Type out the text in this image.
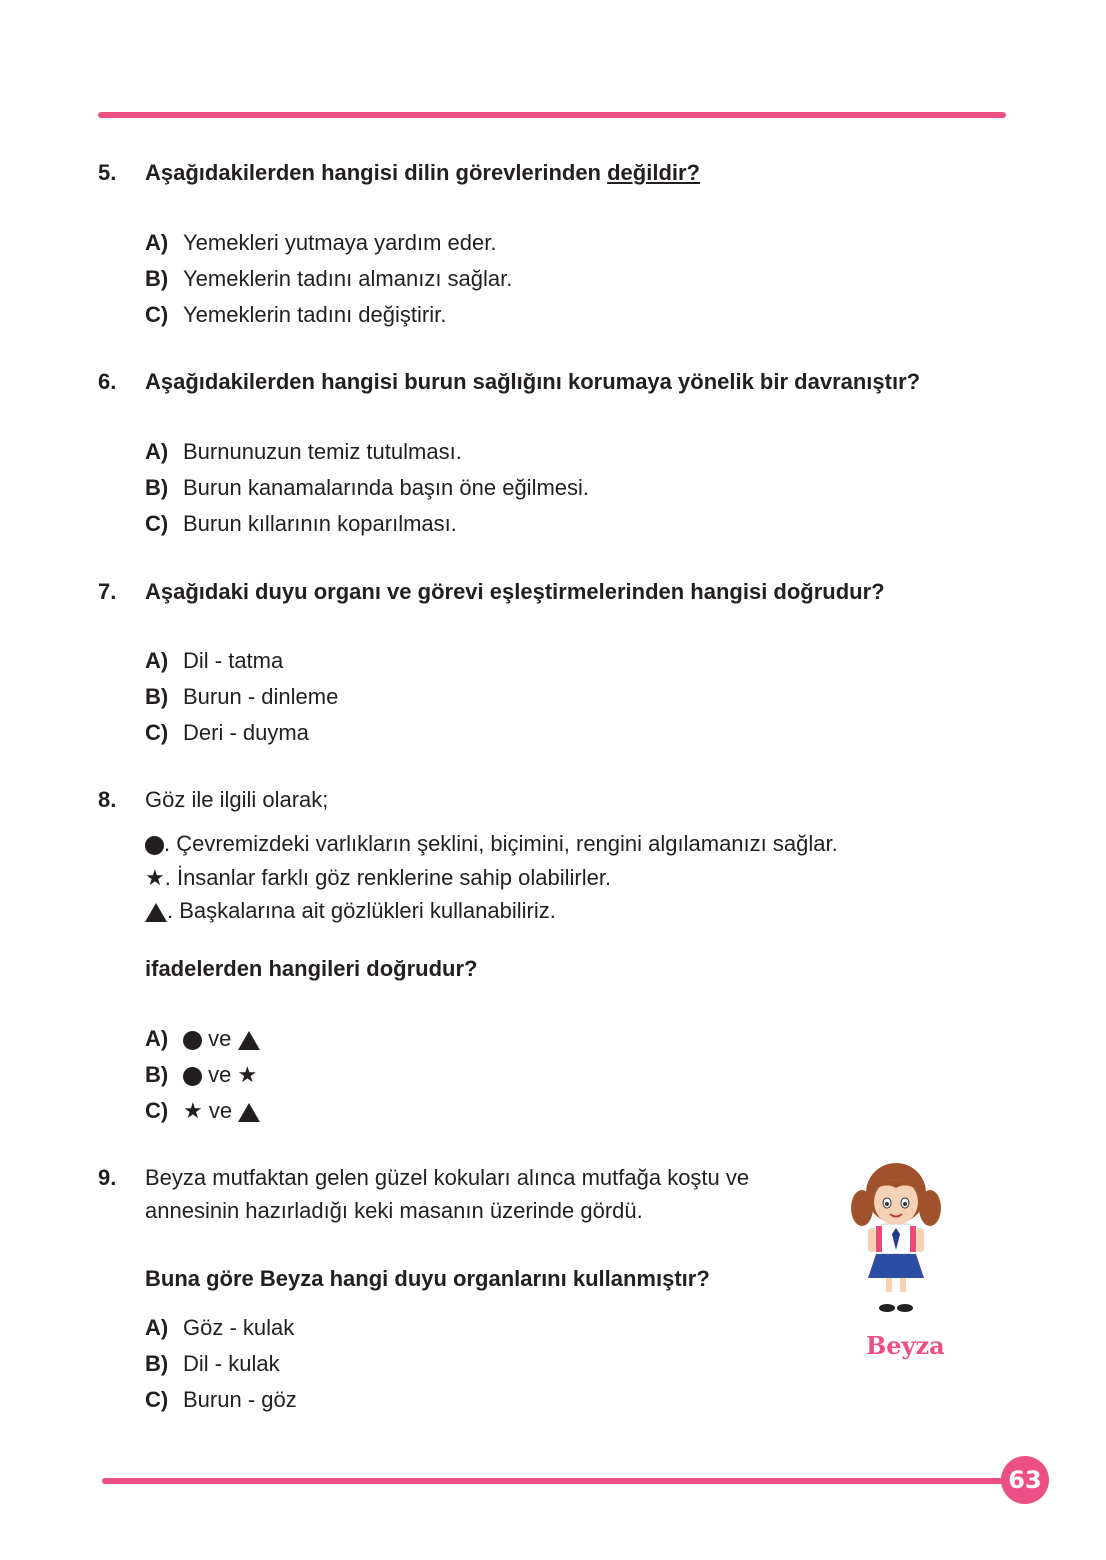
5. Aşağıdakilerden hangisi dilin görevlerinden değildir?
A) Yemekleri yutmaya yardım eder.
B) Yemeklerin tadını almanızı sağlar.
C) Yemeklerin tadını değiştirir.
6. Aşağıdakilerden hangisi burun sağlığını korumaya yönelik bir davranıştır?
A) Burnunuzun temiz tutulması.
B) Burun kanamalarında başın öne eğilmesi.
C) Burun kıllarının koparılması.
7. Aşağıdaki duyu organı ve görevi eşleştirmelerinden hangisi doğrudur?
A) Dil - tatma
B) Burun - dinleme
C) Deri - duyma
8. Göz ile ilgili olarak;
. Çevremizdeki varlıkların şeklini, biçimini, rengini algılamanızı sağlar.
★. İnsanlar farklı göz renklerine sahip olabilirler.
. Başkalarına ait gözlükleri kullanabiliriz.
ifadelerden hangileri doğrudur?
A) ve
B) ve ★
C) ★ ve
9. Beyza mutfaktan gelen güzel kokuları alınca mutfağa koştu ve
annesinin hazırladığı keki masanın üzerinde gördü.
Buna göre Beyza hangi duyu organlarını kullanmıştır?
A) Göz - kulak
B) Dil - kulak
C) Burun - göz
Beyza
63
